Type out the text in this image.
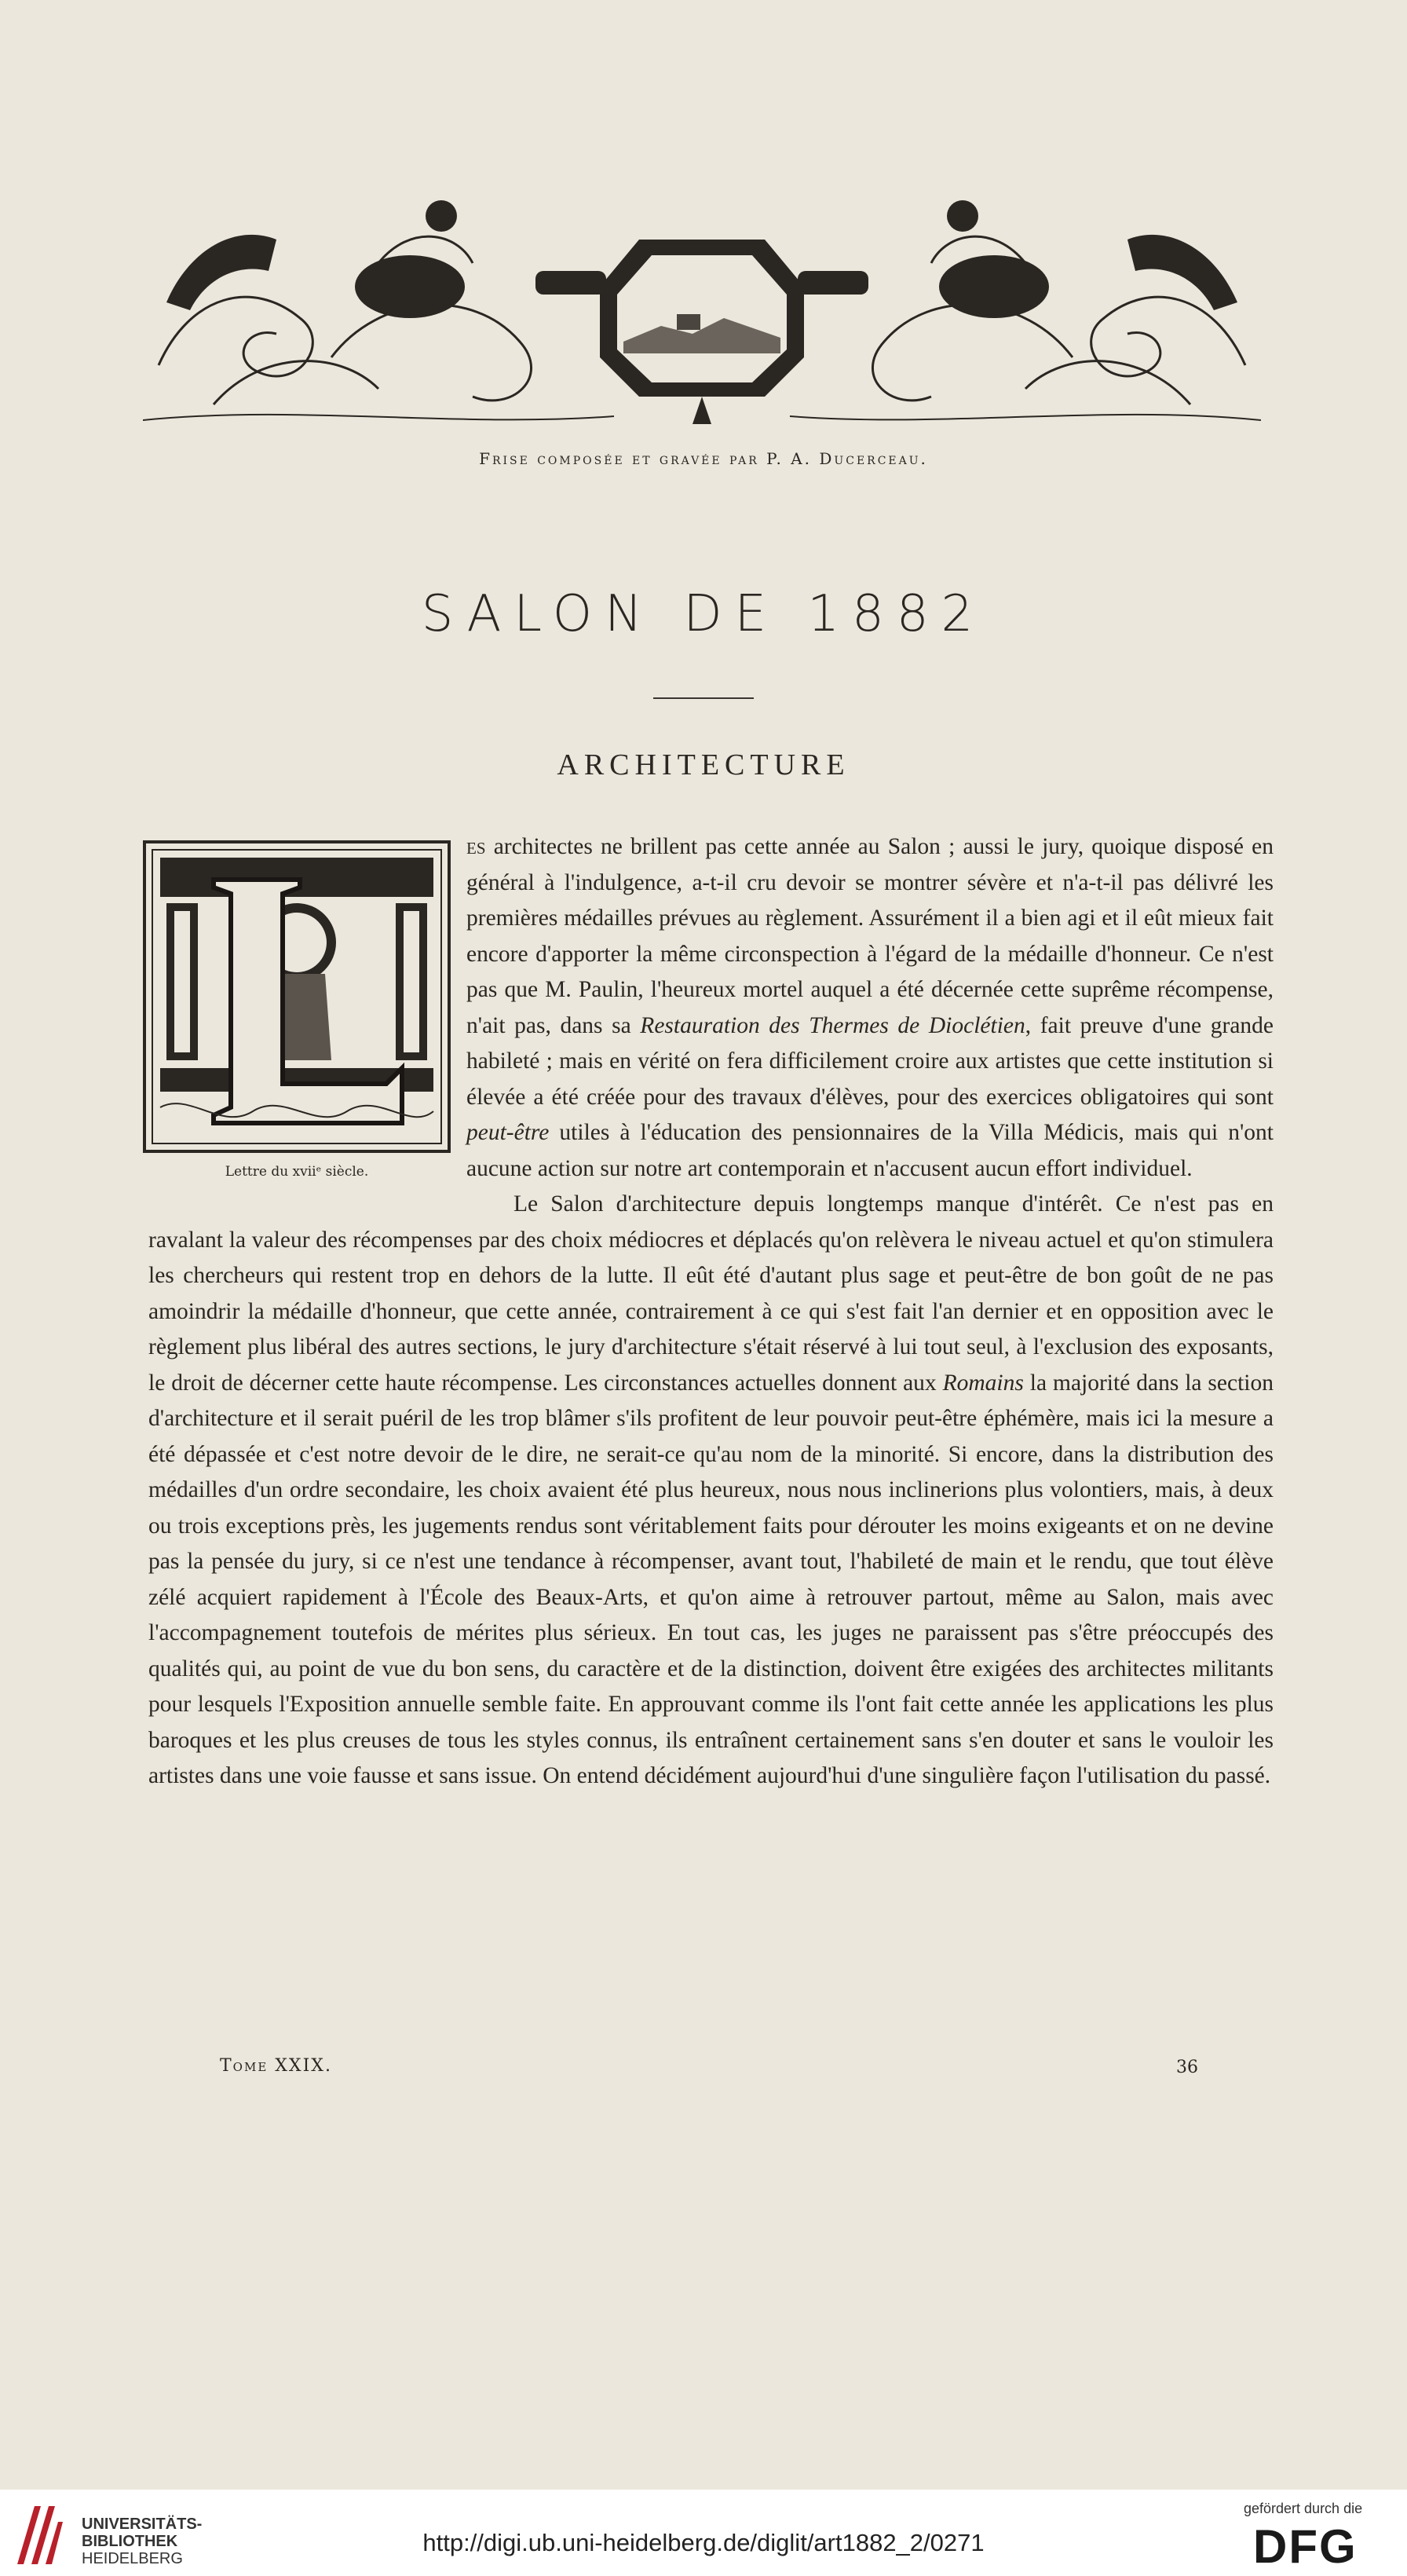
Frise composée et gravée par P. A. Ducerceau.
SALON DE 1882
ARCHITECTURE
Lettre du xviiᵉ siècle.

es architectes ne brillent pas cette année au Salon ; aussi le jury, quoique disposé en général à l'indulgence, a-t-il cru devoir se montrer sévère et n'a-t-il pas délivré les premières médailles prévues au règlement. Assurément il a bien agi et il eût mieux fait encore d'apporter la même circonspection à l'égard de la médaille d'honneur. Ce n'est pas que M. Paulin, l'heureux mortel auquel a été décernée cette suprême récompense, n'ait pas, dans sa Restauration des Thermes de Dioclétien, fait preuve d'une grande habileté ; mais en vérité on fera difficilement croire aux artistes que cette institution si élevée a été créée pour des travaux d'élèves, pour des exercices obligatoires qui sont peut-être utiles à l'éducation des pensionnaires de la Villa Médicis, mais qui n'ont aucune action sur notre art contemporain et n'accusent aucun effort individuel.

Le Salon d'architecture depuis longtemps manque d'intérêt. Ce n'est pas en ravalant la valeur des récompenses par des choix médiocres et déplacés qu'on relèvera le niveau actuel et qu'on stimulera les chercheurs qui restent trop en dehors de la lutte. Il eût été d'autant plus sage et peut-être de bon goût de ne pas amoindrir la médaille d'honneur, que cette année, contrairement à ce qui s'est fait l'an dernier et en opposition avec le règlement plus libéral des autres sections, le jury d'architecture s'était réservé à lui tout seul, à l'exclusion des exposants, le droit de décerner cette haute récompense. Les circonstances actuelles donnent aux Romains la majorité dans la section d'architecture et il serait puéril de les trop blâmer s'ils profitent de leur pouvoir peut-être éphémère, mais ici la mesure a été dépassée et c'est notre devoir de le dire, ne serait-ce qu'au nom de la minorité. Si encore, dans la distribution des médailles d'un ordre secondaire, les choix avaient été plus heureux, nous nous inclinerions plus volontiers, mais, à deux ou trois exceptions près, les jugements rendus sont véritablement faits pour dérouter les moins exigeants et on ne devine pas la pensée du jury, si ce n'est une tendance à récompenser, avant tout, l'habileté de main et le rendu, que tout élève zélé acquiert rapidement à l'École des Beaux-Arts, et qu'on aime à retrouver partout, même au Salon, mais avec l'accompagnement toutefois de mérites plus sérieux. En tout cas, les juges ne paraissent pas s'être préoccupés des qualités qui, au point de vue du bon sens, du caractère et de la distinction, doivent être exigées des architectes militants pour lesquels l'Exposition annuelle semble faite. En approuvant comme ils l'ont fait cette année les applications les plus baroques et les plus creuses de tous les styles connus, ils entraînent certainement sans s'en douter et sans le vouloir les artistes dans une voie fausse et sans issue. On entend décidément aujourd'hui d'une singulière façon l'utilisation du passé.

Tome XXIX.	36
UNIVERSITÄTS-
BIBLIOTHEK
HEIDELBERG
http://digi.ub.uni-heidelberg.de/diglit/art1882_2/0271
gefördert durch die
DFG
